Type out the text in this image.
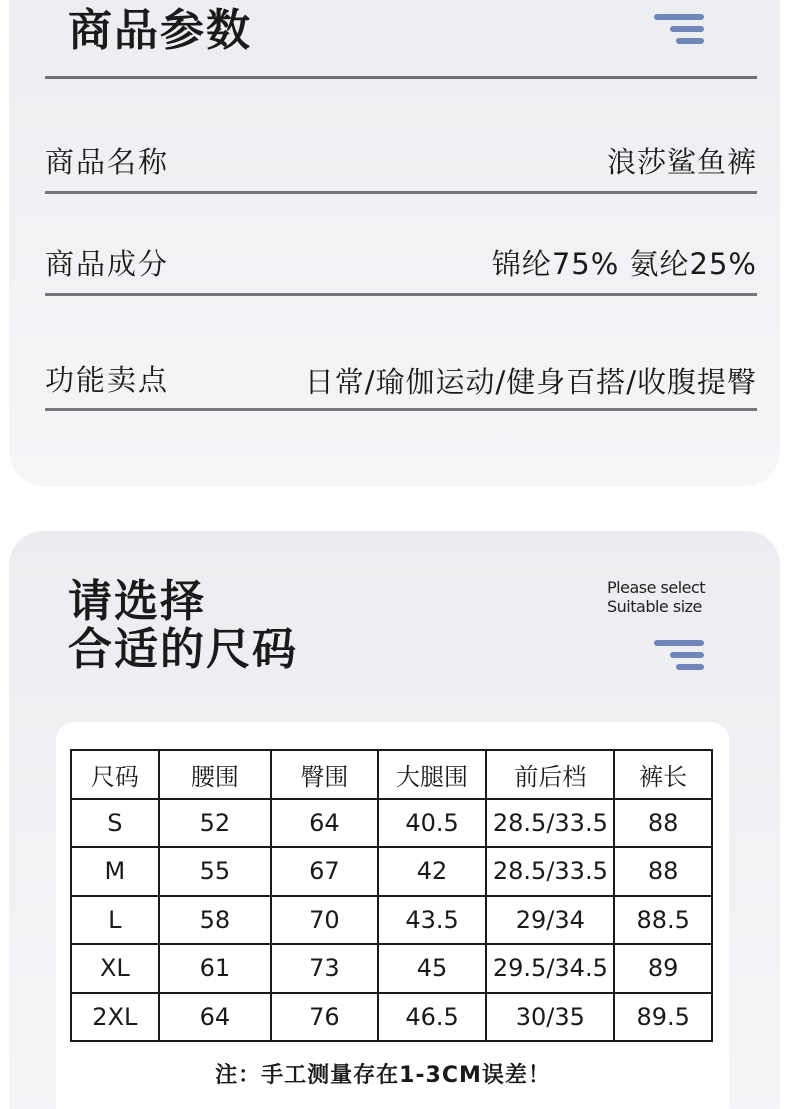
商品参数
商品名称	浪莎鲨鱼裤
商品成分	锦纶75% 氨纶25%
功能卖点	日常/瑜伽运动/健身百搭/收腹提臀
请选择
合适的尺码
Please select
Suitable size
尺码	腰围	臀围	大腿围	前后档	裤长
S	52	64	40.5	28.5/33.5	88
M	55	67	42	28.5/33.5	88
L	58	70	43.5	29/34	88.5
XL	61	73	45	29.5/34.5	89
2XL	64	76	46.5	30/35	89.5
注：手工测量存在1-3CM误差！
